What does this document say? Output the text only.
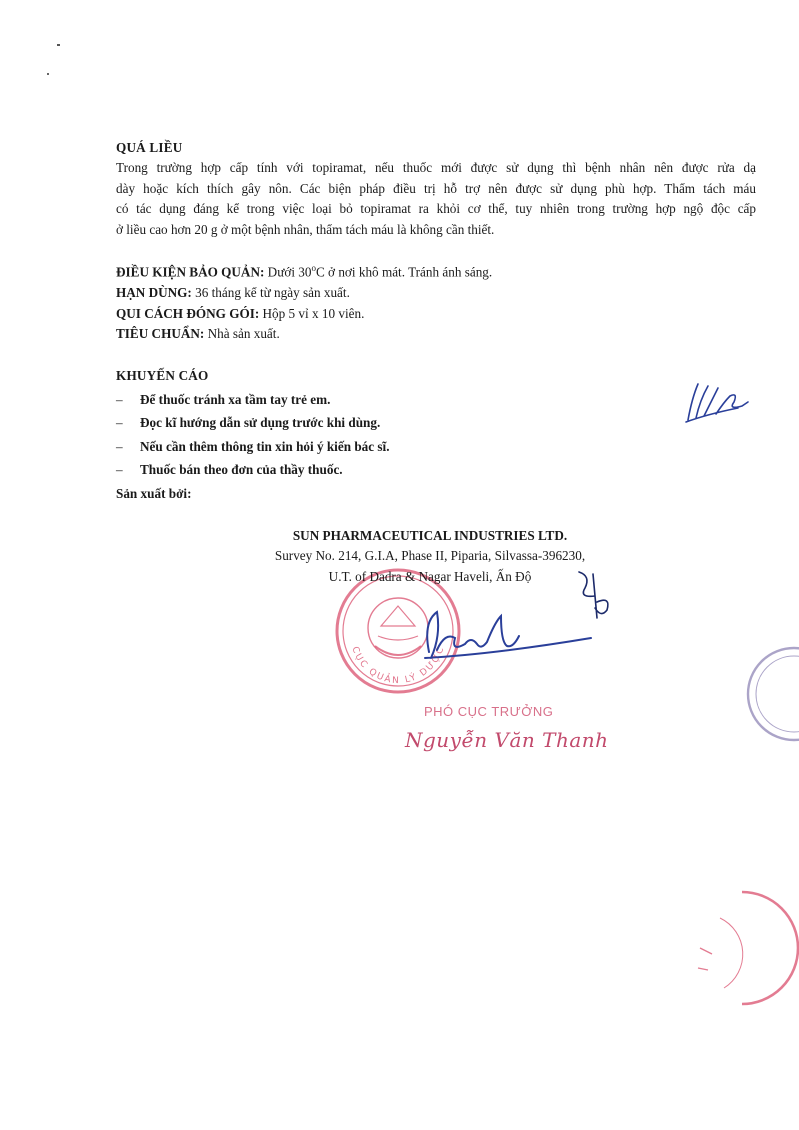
QUÁ LIỀU

Trong trường hợp cấp tính với topiramat, nếu thuốc mới được sử dụng thì bệnh nhân nên được rửa dạ
dày hoặc kích thích gây nôn. Các biện pháp điều trị hỗ trợ nên được sử dụng phù hợp. Thẩm tách máu
có tác dụng đáng kể trong việc loại bỏ topiramat ra khỏi cơ thể, tuy nhiên trong trường hợp ngộ độc cấp
ở liều cao hơn 20 g ở một bệnh nhân, thẩm tách máu là không cần thiết.

ĐIỀU KIỆN BẢO QUẢN: Dưới 30$^o$C ở nơi khô mát. Tránh ánh sáng.
HẠN DÙNG: 36 tháng kể từ ngày sản xuất.
QUI CÁCH ĐÓNG GÓI: Hộp 5 vỉ x 10 viên.
TIÊU CHUẨN: Nhà sản xuất.
KHUYẾN CÁO
– Để thuốc tránh xa tầm tay trẻ em.
– Đọc kĩ hướng dẫn sử dụng trước khi dùng.
– Nếu cần thêm thông tin xin hỏi ý kiến bác sĩ.
– Thuốc bán theo đơn của thầy thuốc.
Sản xuất bởi:
CỤC QUẢN LÝ DƯỢC
SUN PHARMACEUTICAL INDUSTRIES LTD.
Survey No. 214, G.I.A, Phase II, Piparia, Silvassa-396230,
U.T. of Dadra & Nagar Haveli, Ấn Độ
PHÓ CỤC TRƯỞNG
Nguyễn Văn Thanh
